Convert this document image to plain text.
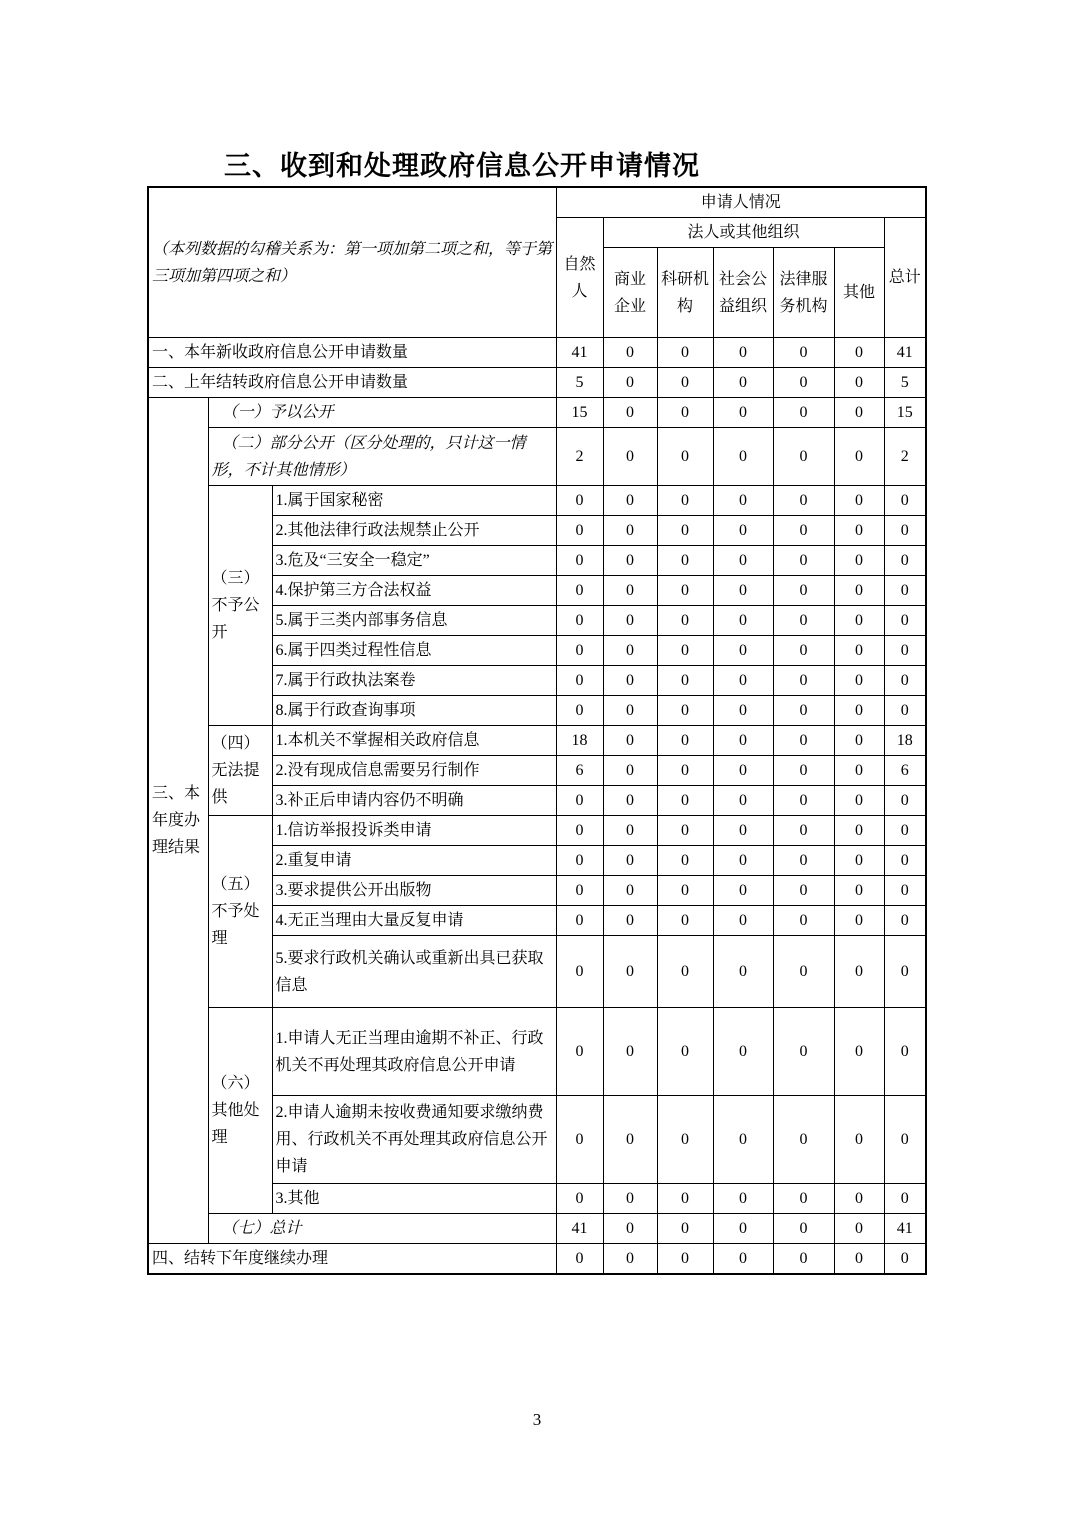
三、收到和处理政府信息公开申请情况
（本列数据的勾稽关系为：第一项加第二项之和，等于第三项加第四项之和）			申请人情况						
			自然人	法人或其他组织					总计
				商业企业	科研机构	社会公益组织	法律服务机构	其他	
一、本年新收政府信息公开申请数量			41	0	0	0	0	0	41
二、上年结转政府信息公开申请数量			5	0	0	0	0	0	5
三、本年度办理结果	（一）予以公开		15	0	0	0	0	0	15
	（二）部分公开（区分处理的，只计这一情形，不计其他情形）		2	0	0	0	0	0	2
	（三）不予公开	1.属于国家秘密	0	0	0	0	0	0	0
		2.其他法律行政法规禁止公开	0	0	0	0	0	0	0
		3.危及“三安全一稳定”	0	0	0	0	0	0	0
		4.保护第三方合法权益	0	0	0	0	0	0	0
		5.属于三类内部事务信息	0	0	0	0	0	0	0
		6.属于四类过程性信息	0	0	0	0	0	0	0
		7.属于行政执法案卷	0	0	0	0	0	0	0
		8.属于行政查询事项	0	0	0	0	0	0	0
	（四）无法提供	1.本机关不掌握相关政府信息	18	0	0	0	0	0	18
		2.没有现成信息需要另行制作	6	0	0	0	0	0	6
		3.补正后申请内容仍不明确	0	0	0	0	0	0	0
	（五）不予处理	1.信访举报投诉类申请	0	0	0	0	0	0	0
		2.重复申请	0	0	0	0	0	0	0
		3.要求提供公开出版物	0	0	0	0	0	0	0
		4.无正当理由大量反复申请	0	0	0	0	0	0	0
		5.要求行政机关确认或重新出具已获取信息	0	0	0	0	0	0	0
	（六）其他处理	1.申请人无正当理由逾期不补正、行政机关不再处理其政府信息公开申请	0	0	0	0	0	0	0
		2.申请人逾期未按收费通知要求缴纳费用、行政机关不再处理其政府信息公开申请	0	0	0	0	0	0	0
		3.其他	0	0	0	0	0	0	0
	（七）总计		41	0	0	0	0	0	41
四、结转下年度继续办理			0	0	0	0	0	0	0
3
